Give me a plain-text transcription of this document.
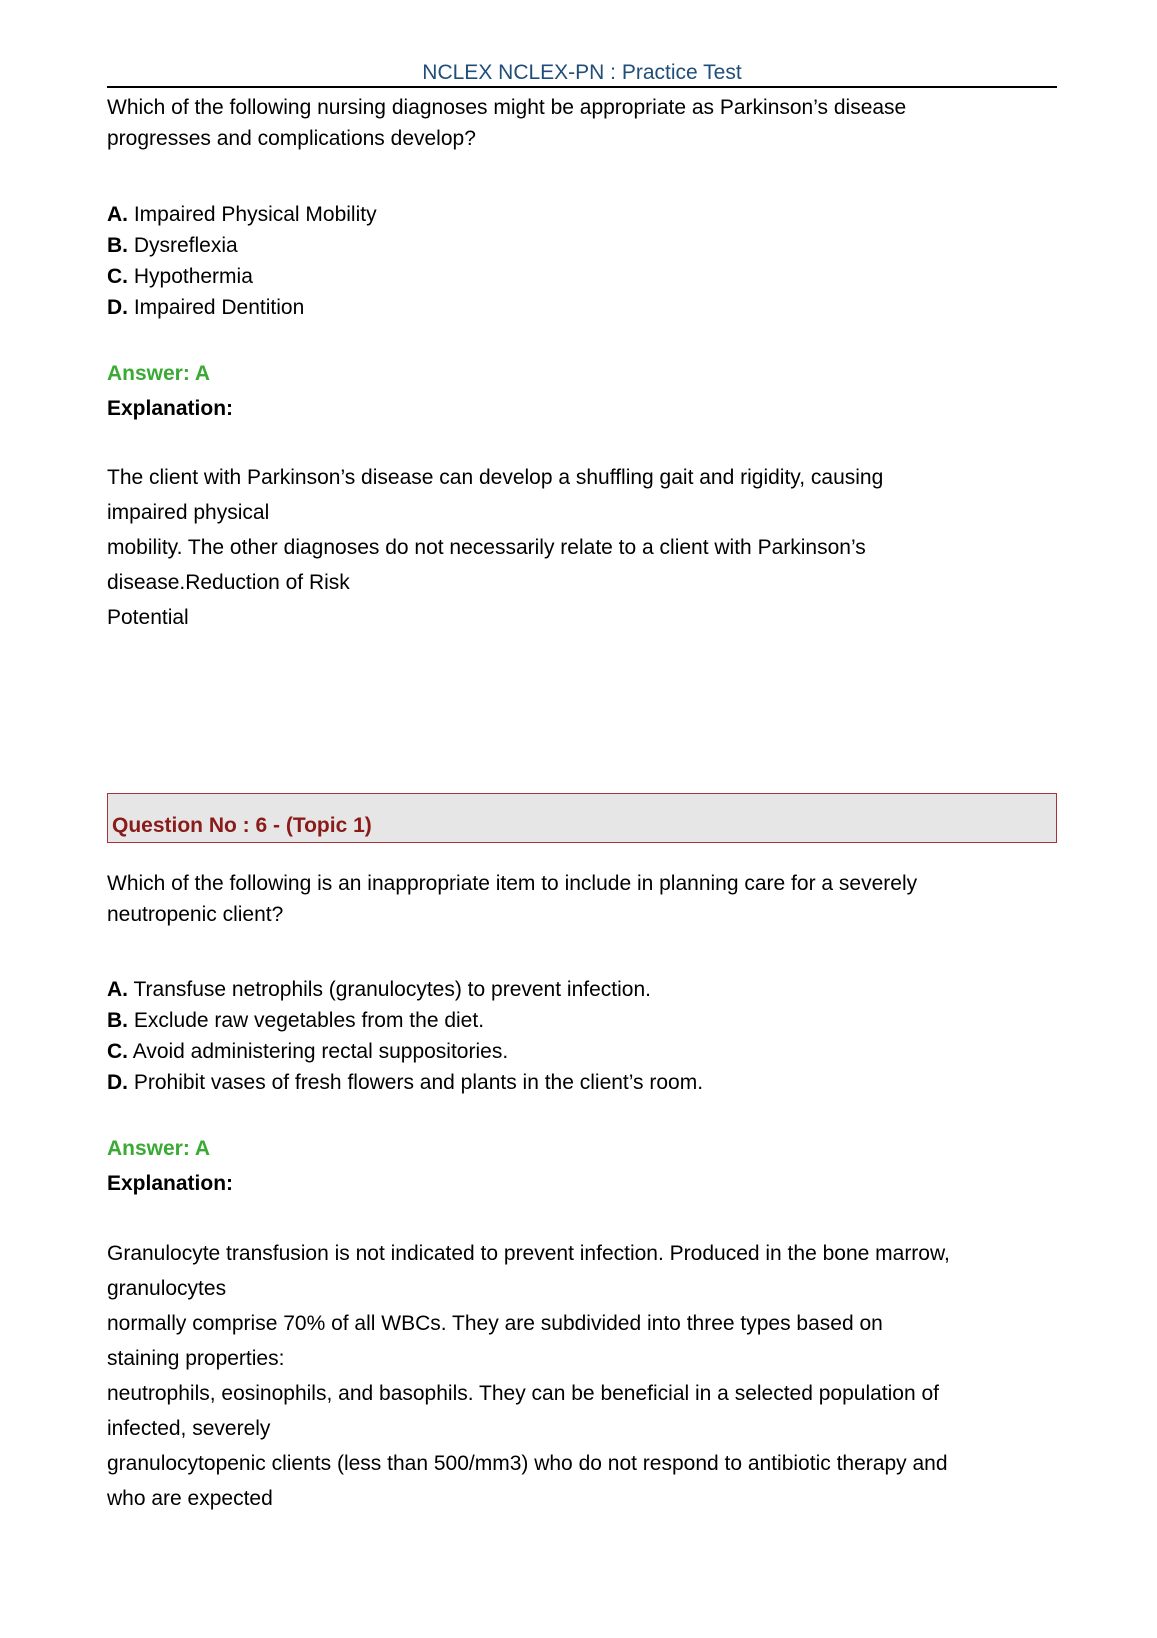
NCLEX NCLEX-PN : Practice Test
Which of the following nursing diagnoses might be appropriate as Parkinson’s disease
progresses and complications develop?
A. Impaired Physical Mobility
B. Dysreflexia
C. Hypothermia
D. Impaired Dentition
Answer: A
Explanation:
The client with Parkinson’s disease can develop a shuffling gait and rigidity, causing
impaired physical
mobility. The other diagnoses do not necessarily relate to a client with Parkinson’s
disease.Reduction of Risk
Potential
Question No : 6 - (Topic 1)
Which of the following is an inappropriate item to include in planning care for a severely
neutropenic client?
A. Transfuse netrophils (granulocytes) to prevent infection.
B. Exclude raw vegetables from the diet.
C. Avoid administering rectal suppositories.
D. Prohibit vases of fresh flowers and plants in the client’s room.
Answer: A
Explanation:
Granulocyte transfusion is not indicated to prevent infection. Produced in the bone marrow,
granulocytes
normally comprise 70% of all WBCs. They are subdivided into three types based on
staining properties:
neutrophils, eosinophils, and basophils. They can be beneficial in a selected population of
infected, severely
granulocytopenic clients (less than 500/mm3) who do not respond to antibiotic therapy and
who are expected
